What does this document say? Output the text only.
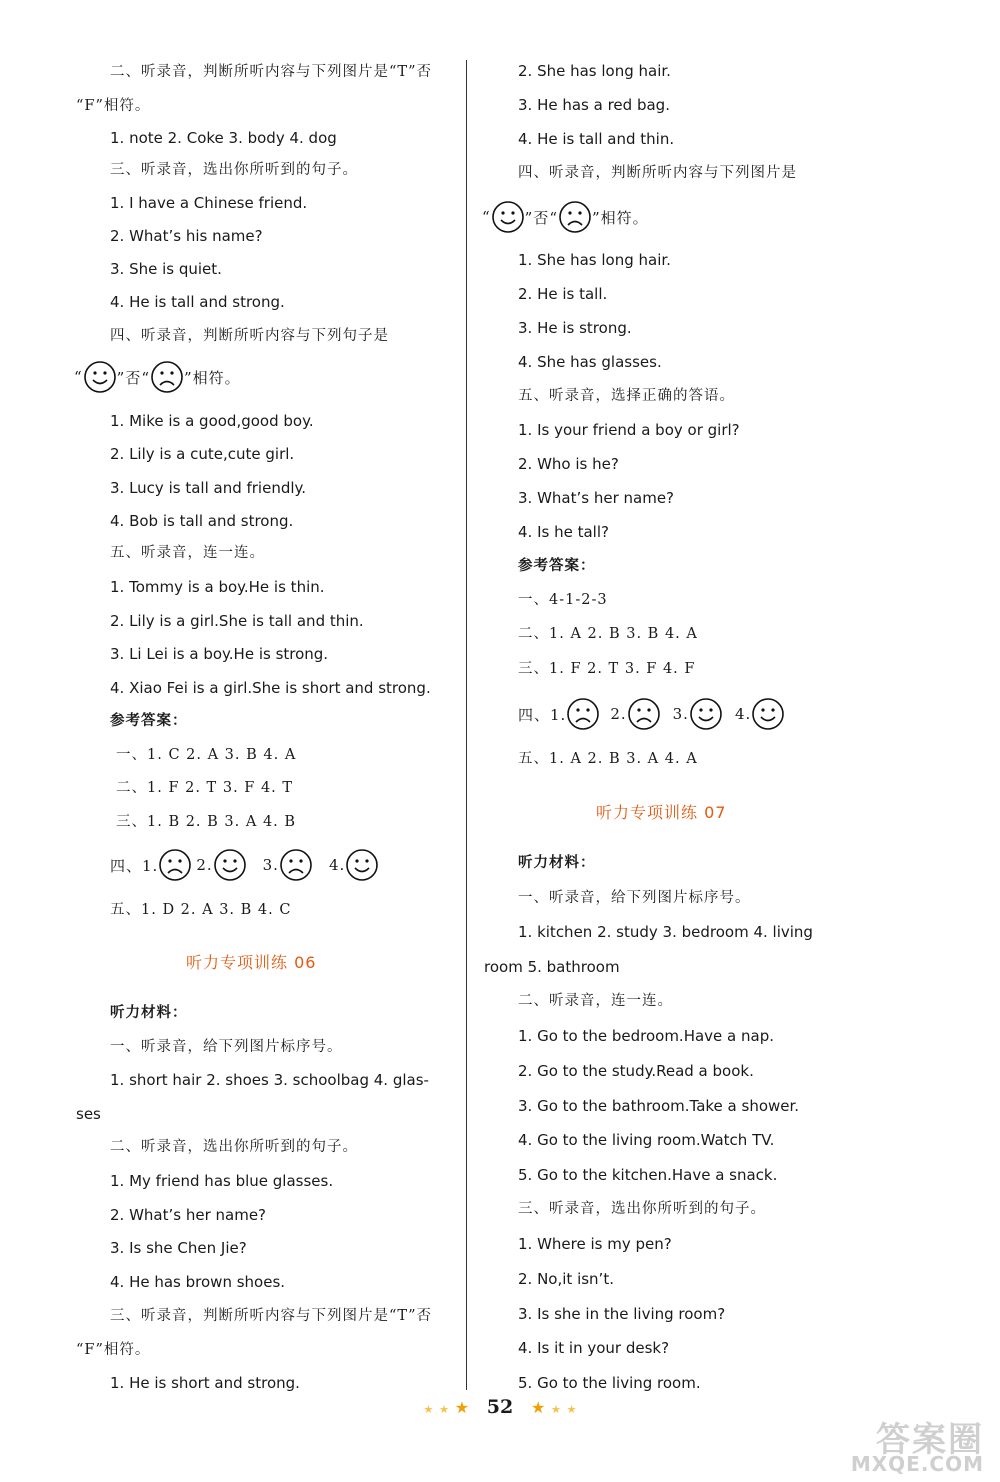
二、听录音，判断所听内容与下列图片是“T”否
“F”相符。
1. note 2. Coke 3. body 4. dog
三、听录音，选出你所听到的句子。
1. I have a Chinese friend.
2. What’s his name?
3. She is quiet.
4. He is tall and strong.
四、听录音，判断所听内容与下列句子是
“ ”否“ ”相符。
1. Mike is a good,good boy.
2. Lily is a cute,cute girl.
3. Lucy is tall and friendly.
4. Bob is tall and strong.
五、听录音，连一连。
1. Tommy is a boy.He is thin.
2. Lily is a girl.She is tall and thin.
3. Li Lei is a boy.He is strong.
4. Xiao Fei is a girl.She is short and strong.
参考答案：
一、1. C 2. A 3. B 4. A
二、1. F 2. T 3. F 4. T
三、1. B 2. B 3. A 4. B
四、1.	2.	3.	4.
五、1. D 2. A 3. B 4. C
听力专项训练 06
听力材料：
一、听录音，给下列图片标序号。
1. short hair 2. shoes 3. schoolbag 4. glas-
ses
二、听录音，选出你所听到的句子。
1. My friend has blue glasses.
2. What’s her name?
3. Is she Chen Jie?
4. He has brown shoes.
三、听录音，判断所听内容与下列图片是“T”否
“F”相符。
1. He is short and strong.
2. She has long hair.
3. He has a red bag.
4. He is tall and thin.
四、听录音，判断所听内容与下列图片是
“ ”否“ ”相符。
1. She has long hair.
2. He is tall.
3. He is strong.
4. She has glasses.
五、听录音，选择正确的答语。
1. Is your friend a boy or girl?
2. Who is he?
3. What’s her name?
4. Is he tall?
参考答案：
一、4-1-2-3
二、1. A 2. B 3. B 4. A
三、1. F 2. T 3. F 4. F
四、1.	2.	3.	4.
五、1. A 2. B 3. A 4. A
听力专项训练 07
听力材料：
一、听录音，给下列图片标序号。
1. kitchen 2. study 3. bedroom 4. living
room 5. bathroom
二、听录音，连一连。
1. Go to the bedroom.Have a nap.
2. Go to the study.Read a book.
3. Go to the bathroom.Take a shower.
4. Go to the living room.Watch TV.
5. Go to the kitchen.Have a snack.
三、听录音，选出你所听到的句子。
1. Where is my pen?
2. No,it isn’t.
3. Is she in the living room?
4. Is it in your desk?
5. Go to the living room.
★ ★ ★ 52 ★ ★ ★
答案圈
MXQE.COM
